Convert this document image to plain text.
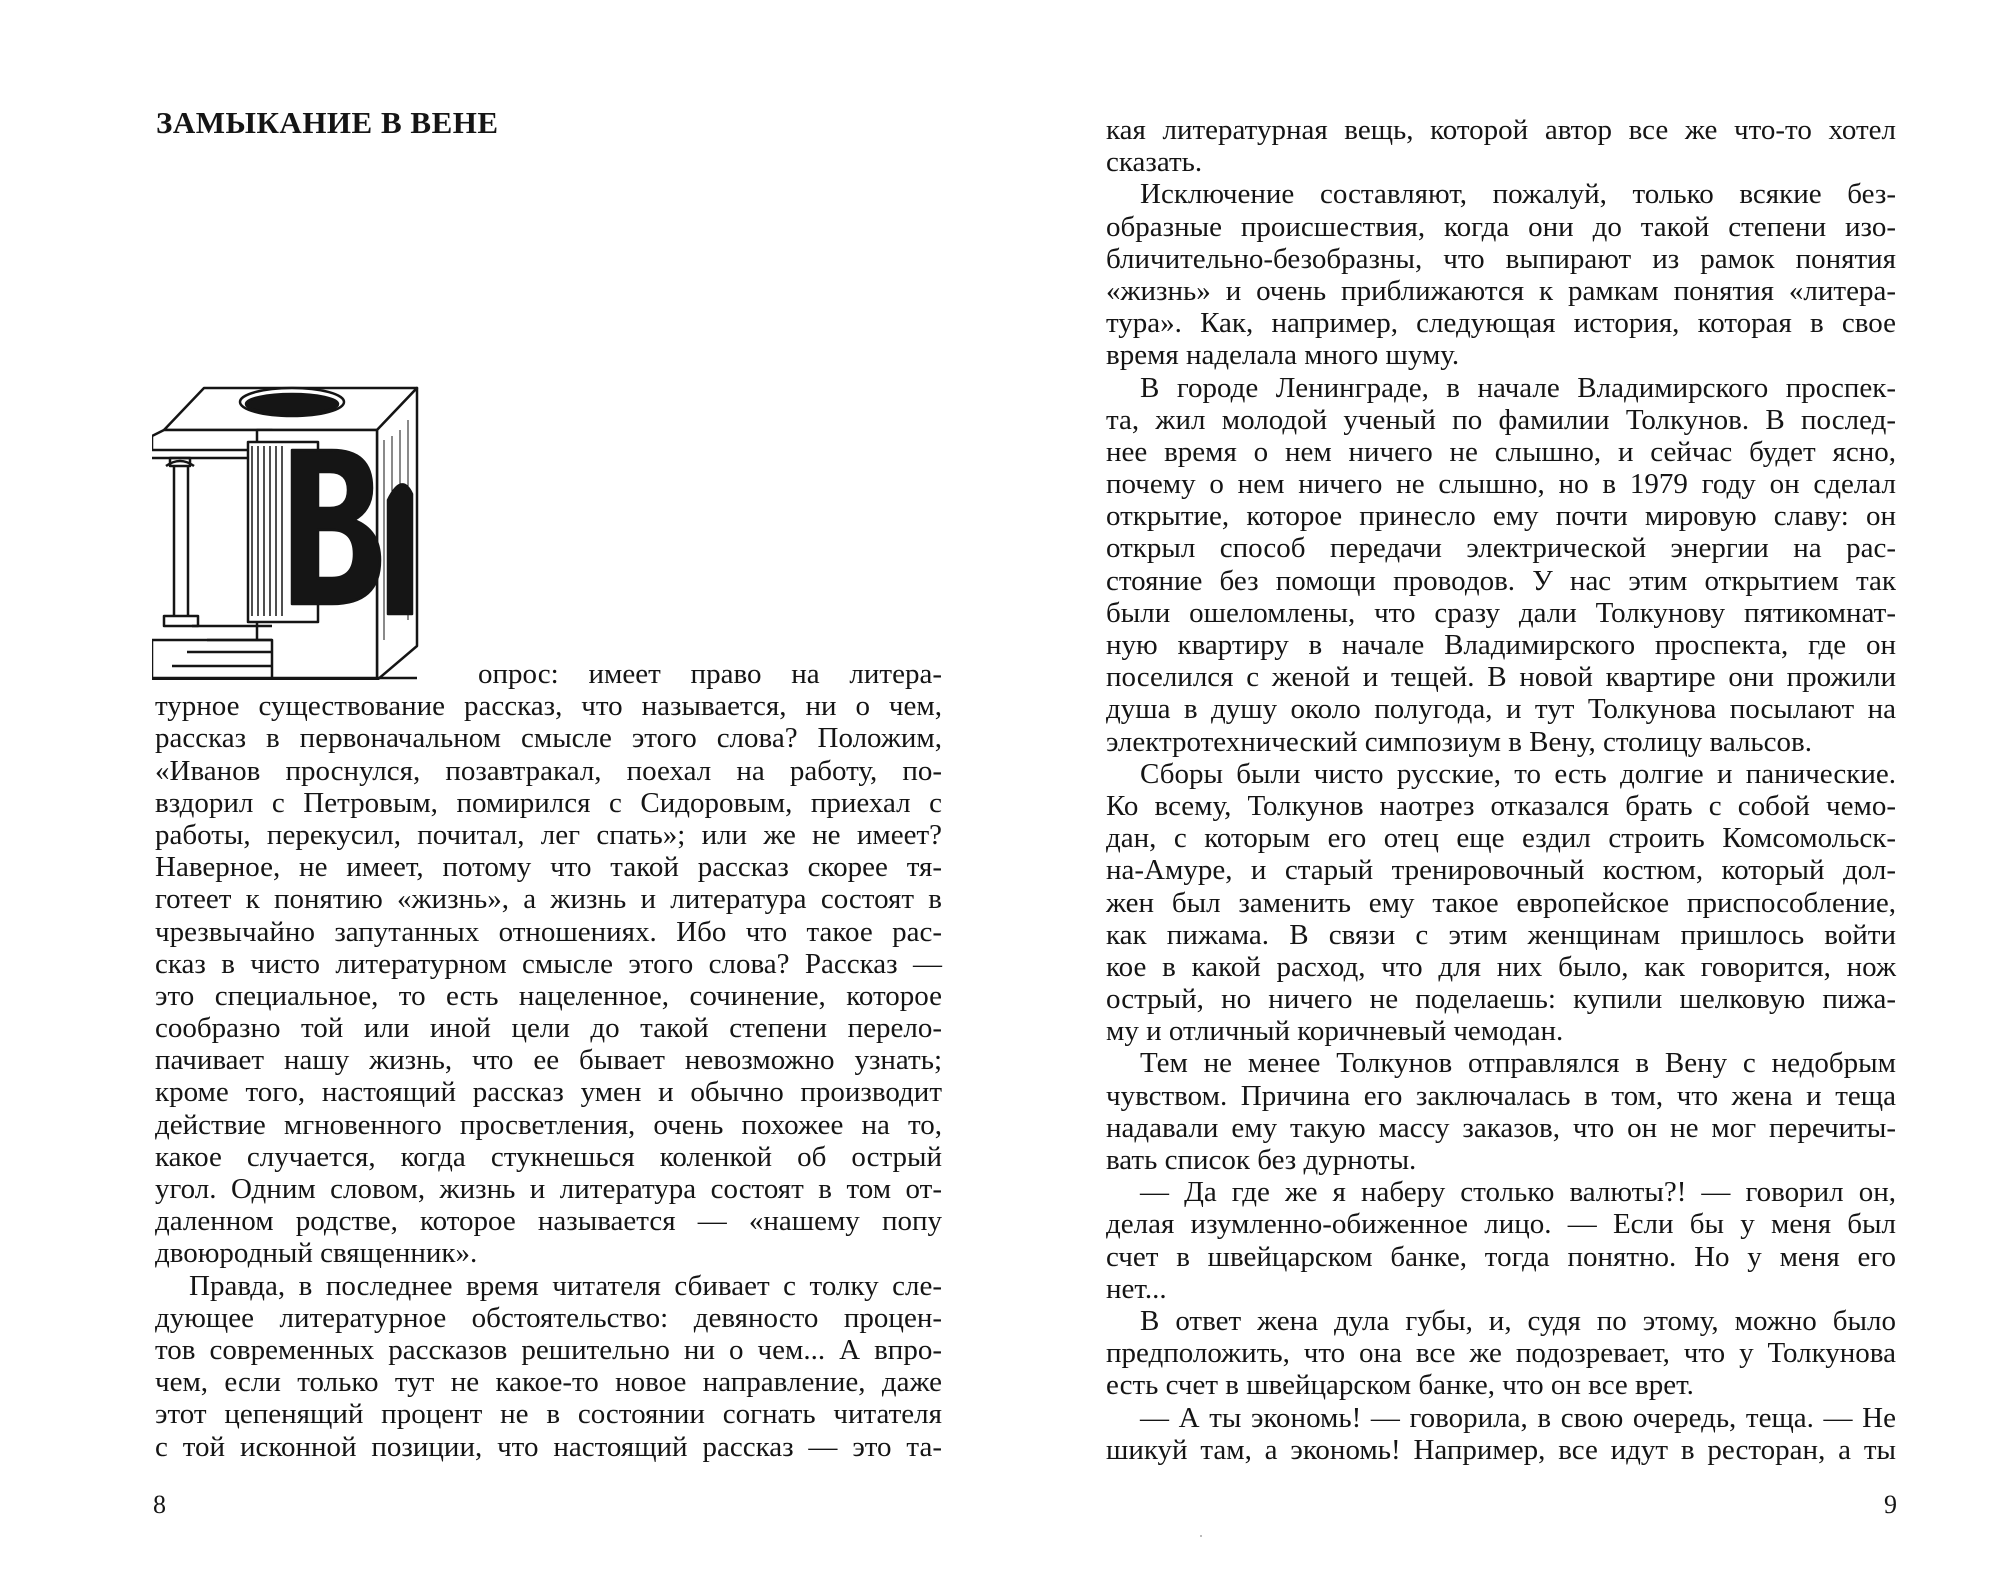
ЗАМЫКАНИЕ В ВЕНЕ
опрос: имеет право на литера-
турное существование рассказ, что называется, ни о чем,
рассказ в первоначальном смысле этого слова? Положим,
«Иванов проснулся, позавтракал, поехал на работу, по-
вздорил с Петровым, помирился с Сидоровым, приехал с
работы, перекусил, почитал, лег спать»; или же не имеет?
Наверное, не имеет, потому что такой рассказ скорее тя-
готеет к понятию «жизнь», а жизнь и литература состоят в
чрезвычайно запутанных отношениях. Ибо что такое рас-
сказ в чисто литературном смысле этого слова? Рассказ —
это специальное, то есть нацеленное, сочинение, которое
сообразно той или иной цели до такой степени перело-
пачивает нашу жизнь, что ее бывает невозможно узнать;
кроме того, настоящий рассказ умен и обычно производит
действие мгновенного просветления, очень похожее на то,
какое случается, когда стукнешься коленкой об острый
угол. Одним словом, жизнь и литература состоят в том от-
даленном родстве, которое называется — «нашему попу
двоюродный священник».
Правда, в последнее время читателя сбивает с толку сле-
дующее литературное обстоятельство: девяносто процен-
тов современных рассказов решительно ни о чем... А впро-
чем, если только тут не какое-то новое направление, даже
этот цепенящий процент не в состоянии согнать читателя
с той исконной позиции, что настоящий рассказ — это та-
8
кая литературная вещь, которой автор все же что-то хотел
сказать.
Исключение составляют, пожалуй, только всякие без-
образные происшествия, когда они до такой степени изо-
бличительно-безобразны, что выпирают из рамок понятия
«жизнь» и очень приближаются к рамкам понятия «литера-
тура». Как, например, следующая история, которая в свое
время наделала много шуму.
В городе Ленинграде, в начале Владимирского проспек-
та, жил молодой ученый по фамилии Толкунов. В послед-
нее время о нем ничего не слышно, и сейчас будет ясно,
почему о нем ничего не слышно, но в 1979 году он сделал
открытие, которое принесло ему почти мировую славу: он
открыл способ передачи электрической энергии на рас-
стояние без помощи проводов. У нас этим открытием так
были ошеломлены, что сразу дали Толкунову пятикомнат-
ную квартиру в начале Владимирского проспекта, где он
поселился с женой и тещей. В новой квартире они прожили
душа в душу около полугода, и тут Толкунова посылают на
электротехнический симпозиум в Вену, столицу вальсов.
Сборы были чисто русские, то есть долгие и панические.
Ко всему, Толкунов наотрез отказался брать с собой чемо-
дан, с которым его отец еще ездил строить Комсомольск-
на-Амуре, и старый тренировочный костюм, который дол-
жен был заменить ему такое европейское приспособление,
как пижама. В связи с этим женщинам пришлось войти
кое в какой расход, что для них было, как говорится, нож
острый, но ничего не поделаешь: купили шелковую пижа-
му и отличный коричневый чемодан.
Тем не менее Толкунов отправлялся в Вену с недобрым
чувством. Причина его заключалась в том, что жена и теща
надавали ему такую массу заказов, что он не мог перечиты-
вать список без дурноты.
— Да где же я наберу столько валюты?! — говорил он,
делая изумленно-обиженное лицо. — Если бы у меня был
счет в швейцарском банке, тогда понятно. Но у меня его
нет...
В ответ жена дула губы, и, судя по этому, можно было
предположить, что она все же подозревает, что у Толкунова
есть счет в швейцарском банке, что он все врет.
— А ты экономь! — говорила, в свою очередь, теща. — Не
шикуй там, а экономь! Например, все идут в ресторан, а ты
9
